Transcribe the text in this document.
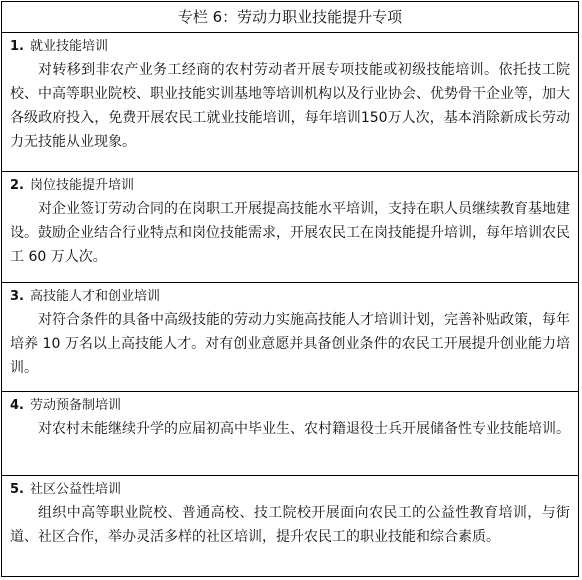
专栏 6：劳动力职业技能提升专项

1. 就业技能培训

对转移到非农产业务工经商的农村劳动者开展专项技能或初级技能培训。依托技工院校、中高等职业院校、职业技能实训基地等培训机构以及行业协会、优势骨干企业等，加大各级政府投入，免费开展农民工就业技能培训，每年培训150万人次，基本消除新成长劳动力无技能从业现象。

2. 岗位技能提升培训

对企业签订劳动合同的在岗职工开展提高技能水平培训，支持在职人员继续教育基地建设。鼓励企业结合行业特点和岗位技能需求，开展农民工在岗技能提升培训，每年培训农民工 60 万人次。

3. 高技能人才和创业培训

对符合条件的具备中高级技能的劳动力实施高技能人才培训计划，完善补贴政策，每年培养 10 万名以上高技能人才。对有创业意愿并具备创业条件的农民工开展提升创业能力培训。

4. 劳动预备制培训

对农村未能继续升学的应届初高中毕业生、农村籍退役士兵开展储备性专业技能培训。

5. 社区公益性培训

组织中高等职业院校、普通高校、技工院校开展面向农民工的公益性教育培训，与街道、社区合作，举办灵活多样的社区培训，提升农民工的职业技能和综合素质。
